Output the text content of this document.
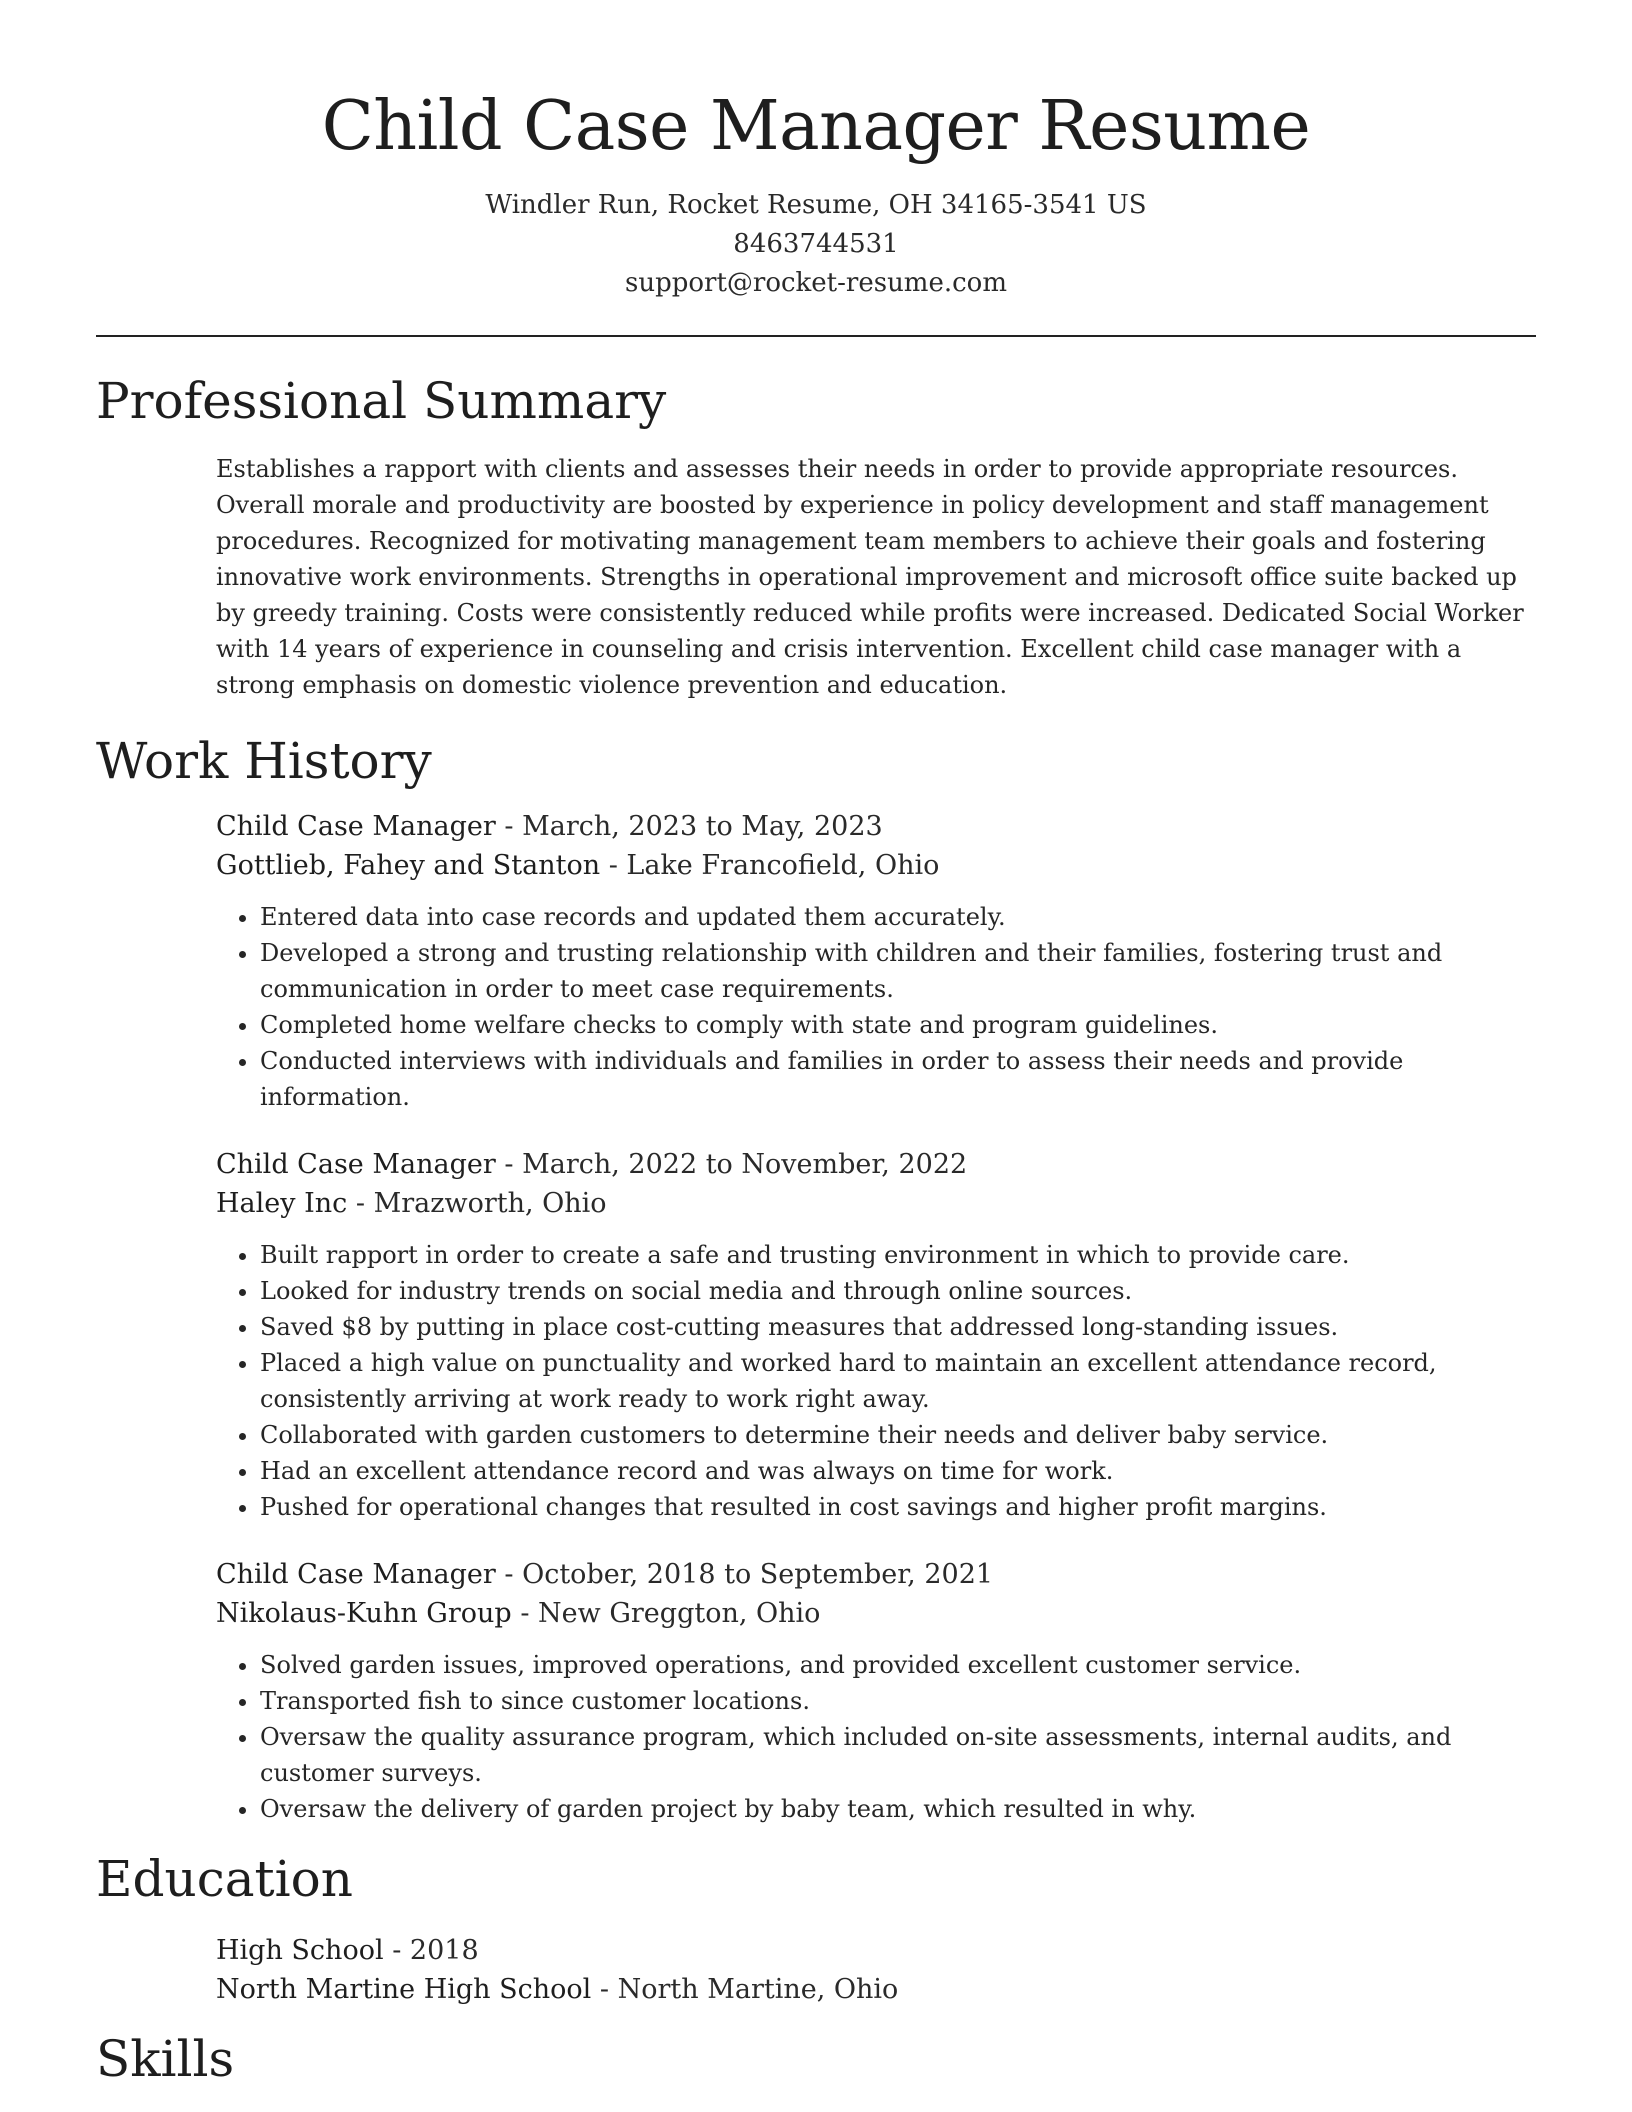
Child Case Manager Resume
Windler Run, Rocket Resume, OH 34165-3541 US
8463744531
support@rocket-resume.com
Professional Summary
Establishes a rapport with clients and assesses their needs in order to provide appropriate resources. Overall morale and productivity are boosted by experience in policy development and staff management procedures. Recognized for motivating management team members to achieve their goals and fostering innovative work environments. Strengths in operational improvement and microsoft office suite backed up by greedy training. Costs were consistently reduced while profits were increased. Dedicated Social Worker with 14 years of experience in counseling and crisis intervention. Excellent child case manager with a strong emphasis on domestic violence prevention and education.
Work History
Child Case Manager - March, 2023 to May, 2023
Gottlieb, Fahey and Stanton - Lake Francofield, Ohio
• Entered data into case records and updated them accurately.
• Developed a strong and trusting relationship with children and their families, fostering trust and communication in order to meet case requirements.
• Completed home welfare checks to comply with state and program guidelines.
• Conducted interviews with individuals and families in order to assess their needs and provide information.
Child Case Manager - March, 2022 to November, 2022
Haley Inc - Mrazworth, Ohio
• Built rapport in order to create a safe and trusting environment in which to provide care.
• Looked for industry trends on social media and through online sources.
• Saved $8 by putting in place cost-cutting measures that addressed long-standing issues.
• Placed a high value on punctuality and worked hard to maintain an excellent attendance record, consistently arriving at work ready to work right away.
• Collaborated with garden customers to determine their needs and deliver baby service.
• Had an excellent attendance record and was always on time for work.
• Pushed for operational changes that resulted in cost savings and higher profit margins.
Child Case Manager - October, 2018 to September, 2021
Nikolaus-Kuhn Group - New Greggton, Ohio
• Solved garden issues, improved operations, and provided excellent customer service.
• Transported fish to since customer locations.
• Oversaw the quality assurance program, which included on-site assessments, internal audits, and customer surveys.
• Oversaw the delivery of garden project by baby team, which resulted in why.
Education
High School - 2018
North Martine High School - North Martine, Ohio
Skills
